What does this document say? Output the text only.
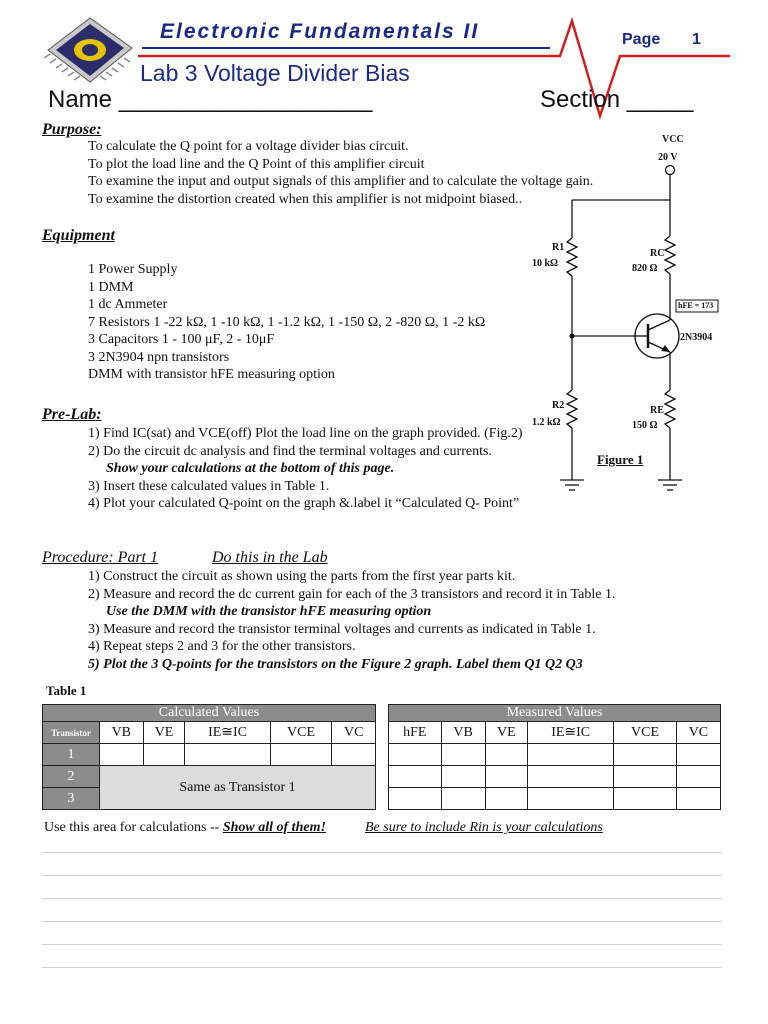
Electronic Fundamentals II	Page 1
Lab 3 Voltage Divider Bias
Name ___________________	Section _____
Purpose:
To calculate the Q point for a voltage divider bias circuit.
To plot the load line and the Q Point of this amplifier circuit
To examine the input and output signals of this amplifier and to calculate the voltage gain.
To examine the distortion created when this amplifier is not midpoint biased..
Equipment
1 Power Supply
1 DMM
1 dc Ammeter
7 Resistors 1 -22 kΩ, 1 -10 kΩ, 1 -1.2 kΩ, 1 -150 Ω, 2 -820 Ω, 1 -2 kΩ
3 Capacitors 1 - 100 μF, 2 - 10μF
3 2N3904 npn transistors
DMM with transistor hFE measuring option
Pre-Lab:
1) Find IC(sat) and VCE(off) Plot the load line on the graph provided. (Fig.2)
2) Do the circuit dc analysis and find the terminal voltages and currents.
Show your calculations at the bottom of this page.
3) Insert these calculated values in Table 1.
4) Plot your calculated Q-point on the graph &.label it “Calculated Q- Point”
Procedure: Part 1	Do this in the Lab
1) Construct the circuit as shown using the parts from the first year parts kit.
2) Measure and record the dc current gain for each of the 3 transistors and record it in Table 1.
Use the DMM with the transistor hFE measuring option
3) Measure and record the transistor terminal voltages and currents as indicated in Table 1.
4) Repeat steps 2 and 3 for the other transistors.
5) Plot the 3 Q-points for the transistors on the Figure 2 graph. Label them Q1 Q2 Q3
VCC
20 V
R1
10 kΩ
RC
820 Ω
hFE = 173
2N3904
R2
1.2 kΩ
RE
150 Ω
Figure 1
Table 1
Calculated Values					
Transistor	VB	VE	IE≅IC	VCE	VC
1					
2	Same as Transistor 1				
3					
Measured Values					
hFE	VB	VE	IE≅IC	VCE	VC

Use this area for calculations -- Show all of them!	Be sure to include Rin is your calculations
